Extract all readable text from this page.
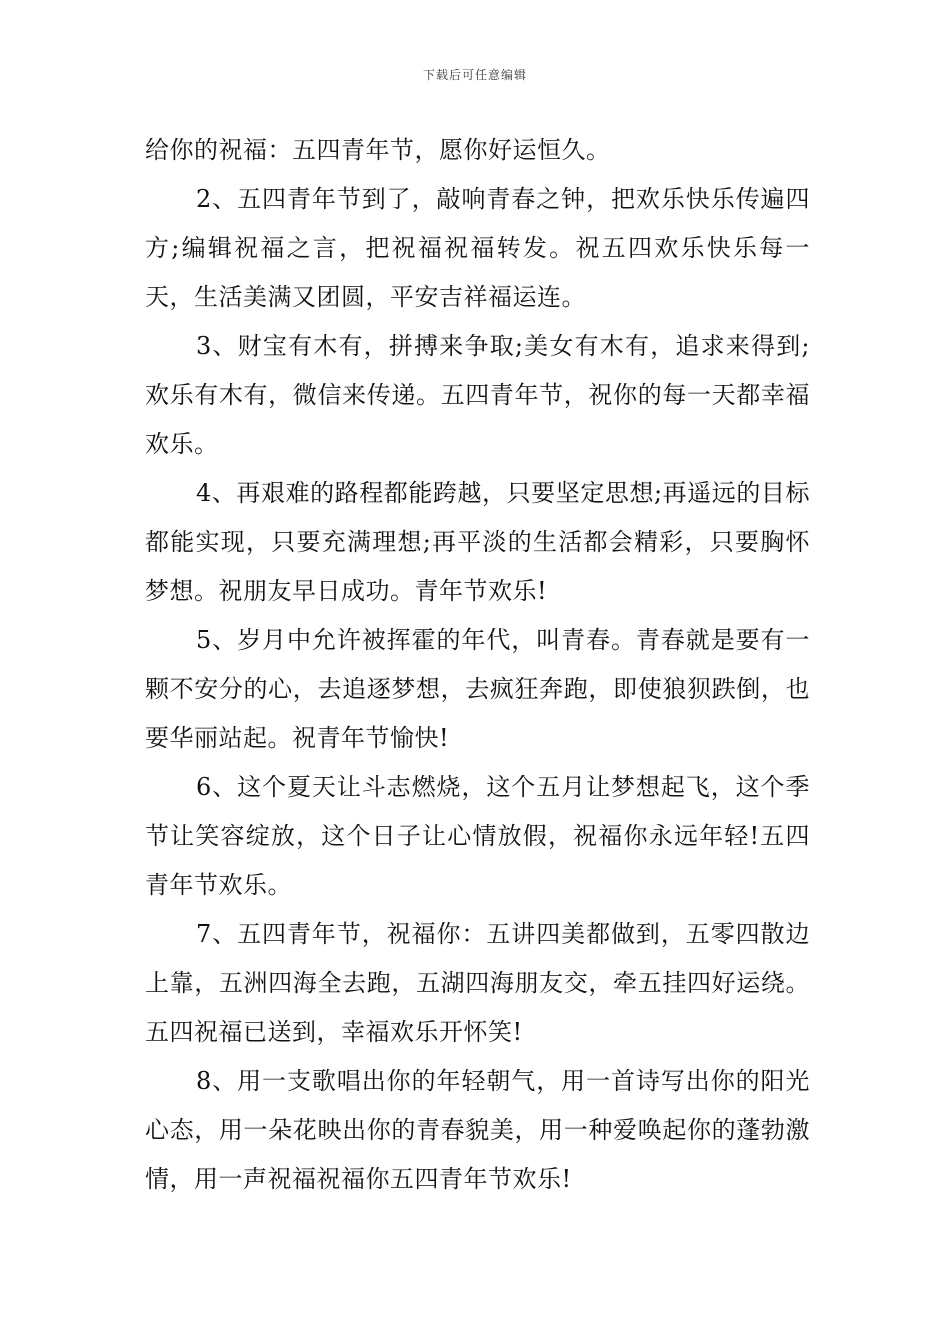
下载后可任意编辑

给你的祝福：五四青年节，愿你好运恒久。

2、五四青年节到了，敲响青春之钟，把欢乐快乐传遍四方;编辑祝福之言，把祝福祝福转发。祝五四欢乐快乐每一天，生活美满又团圆，平安吉祥福运连。

3、财宝有木有，拼搏来争取;美女有木有，追求来得到;欢乐有木有，微信来传递。五四青年节，祝你的每一天都幸福欢乐。

4、再艰难的路程都能跨越，只要坚定思想;再遥远的目标都能实现，只要充满理想;再平淡的生活都会精彩，只要胸怀梦想。祝朋友早日成功。青年节欢乐!

5、岁月中允许被挥霍的年代，叫青春。青春就是要有一颗不安分的心，去追逐梦想，去疯狂奔跑，即使狼狈跌倒，也要华丽站起。祝青年节愉快!

6、这个夏天让斗志燃烧，这个五月让梦想起飞，这个季节让笑容绽放，这个日子让心情放假，祝福你永远年轻!五四青年节欢乐。

7、五四青年节，祝福你：五讲四美都做到，五零四散边上靠，五洲四海全去跑，五湖四海朋友交，牵五挂四好运绕。五四祝福已送到，幸福欢乐开怀笑!

8、用一支歌唱出你的年轻朝气，用一首诗写出你的阳光心态，用一朵花映出你的青春貌美，用一种爱唤起你的蓬勃激情，用一声祝福祝福你五四青年节欢乐!
